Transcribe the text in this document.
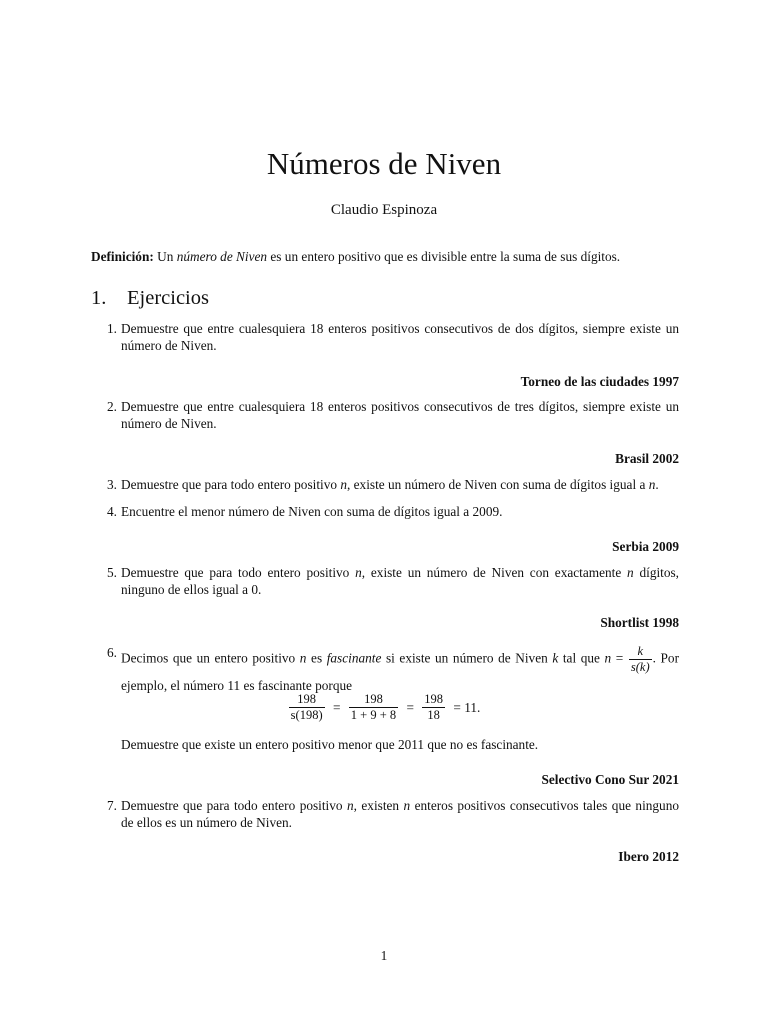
Números de Niven
Claudio Espinoza
Definición: Un número de Niven es un entero positivo que es divisible entre la suma de sus dígitos.
1. Ejercicios
1. Demuestre que entre cualesquiera 18 enteros positivos consecutivos de dos dígitos, siempre existe un número de Niven.
Torneo de las ciudades 1997
2. Demuestre que entre cualesquiera 18 enteros positivos consecutivos de tres dígitos, siempre existe un número de Niven.
Brasil 2002
3. Demuestre que para todo entero positivo n, existe un número de Niven con suma de dígitos igual a n.
4. Encuentre el menor número de Niven con suma de dígitos igual a 2009.
Serbia 2009
5. Demuestre que para todo entero positivo n, existe un número de Niven con exactamente n dígitos, ninguno de ellos igual a 0.
Shortlist 1998
6. Decimos que un entero positivo n es fascinante si existe un número de Niven k tal que $n = \frac{k}{s(k)}$ . Por ejemplo, el número 11 es fascinante porque
$\frac{198}{s(198)} = \frac{198}{1 + 9 + 8} = \frac{198}{18} = 11$.
Demuestre que existe un entero positivo menor que 2011 que no es fascinante.
Selectivo Cono Sur 2021
7. Demuestre que para todo entero positivo n, existen n enteros positivos consecutivos tales que ninguno de ellos es un número de Niven.
Ibero 2012
1
